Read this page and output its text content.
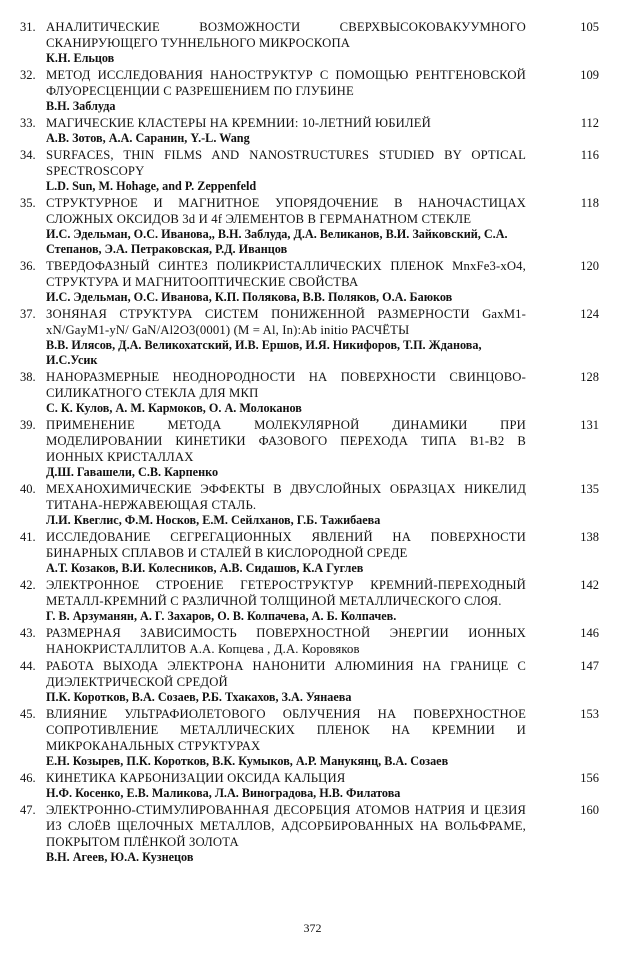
31. АНАЛИТИЧЕСКИЕ ВОЗМОЖНОСТИ СВЕРХВЫСОКОВАКУУМНОГО СКАНИРУЮЩЕГО ТУННЕЛЬНОГО МИКРОСКОПА
К.Н. Ельцов
105
32. МЕТОД ИССЛЕДОВАНИЯ НАНОСТРУКТУР С ПОМОЩЬЮ РЕНТГЕНОВСКОЙ ФЛУОРЕСЦЕНЦИИ С РАЗРЕШЕНИЕМ ПО ГЛУБИНЕ
В.Н. Заблуда
109
33. МАГИЧЕСКИЕ КЛАСТЕРЫ НА КРЕМНИИ: 10-ЛЕТНИЙ ЮБИЛЕЙ
А.В. Зотов, А.А. Саранин, Y.-L. Wang
112
34. SURFACES, THIN FILMS AND NANOSTRUCTURES STUDIED BY OPTICAL SPECTROSCOPY
L.D. Sun, M. Hohage, and P. Zeppenfeld
116
35. СТРУКТУРНОЕ И МАГНИТНОЕ УПОРЯДОЧЕНИЕ В НАНОЧАСТИЦАХ СЛОЖНЫХ ОКСИДОВ 3d И 4f ЭЛЕМЕНТОВ В ГЕРМАНАТНОМ СТЕКЛЕ
И.С. Эдельман, О.С. Иванова,, В.Н. Заблуда, Д.А. Великанов, В.И. Зайковский, С.А. Степанов, Э.А. Петраковская, Р.Д. Иванцов
118
36. ТВЕРДОФАЗНЫЙ СИНТЕЗ ПОЛИКРИСТАЛЛИЧЕСКИХ ПЛЕНОК MnxFe3-xO4, СТРУКТУРА И МАГНИТООПТИЧЕСКИЕ СВОЙСТВА
И.С. Эдельман, О.С. Иванова, К.П. Полякова, В.В. Поляков, О.А. Баюков
120
37. ЗОНЯНАЯ СТРУКТУРА СИСТЕМ ПОНИЖЕННОЙ РАЗМЕРНОСТИ GaxM1-xN/GayM1-yN/ GaN/Al2O3(0001) (M = Al, In):Ab initio РАСЧЁТЫ
В.В. Илясов, Д.А. Великохатский, И.В. Ершов, И.Я. Никифоров, Т.П. Жданова, И.С.Усик
124
38. НАНОРАЗМЕРНЫЕ НЕОДНОРОДНОСТИ НА ПОВЕРХНОСТИ СВИНЦОВО-СИЛИКАТНОГО СТЕКЛА ДЛЯ МКП
С. К. Кулов, А. М. Кармоков, О. А. Молоканов
128
39. ПРИМЕНЕНИЕ МЕТОДА МОЛЕКУЛЯРНОЙ ДИНАМИКИ ПРИ МОДЕЛИРОВАНИИ КИНЕТИКИ ФАЗОВОГО ПЕРЕХОДА ТИПА B1-B2 В ИОННЫХ КРИСТАЛЛАХ
Д.Ш. Гавашели, С.В. Карпенко
131
40. МЕХАНОХИМИЧЕСКИЕ ЭФФЕКТЫ В ДВУСЛОЙНЫХ ОБРАЗЦАХ НИКЕЛИД ТИТАНА-НЕРЖАВЕЮЩАЯ СТАЛЬ.
Л.И. Квеглис, Ф.М. Носков, Е.М. Сейлханов, Г.Б. Тажибаева
135
41. ИССЛЕДОВАНИЕ СЕГРЕГАЦИОННЫХ ЯВЛЕНИЙ НА ПОВЕРХНОСТИ БИНАРНЫХ СПЛАВОВ И СТАЛЕЙ В КИСЛОРОДНОЙ СРЕДЕ
А.Т. Козаков, В.И. Колесников, А.В. Сидашов, К.А Гуглев
138
42. ЭЛЕКТРОННОЕ СТРОЕНИЕ ГЕТЕРОСТРУКТУР КРЕМНИЙ-ПЕРЕХОДНЫЙ МЕТАЛЛ-КРЕМНИЙ С РАЗЛИЧНОЙ ТОЛЩИНОЙ МЕТАЛЛИЧЕСКОГО СЛОЯ.
Г. В. Арзуманян, А. Г. Захаров, О. В. Колпачева, А. Б. Колпачев.
142
43. РАЗМЕРНАЯ ЗАВИСИМОСТЬ ПОВЕРХНОСТНОЙ ЭНЕРГИИ ИОННЫХ НАНОКРИСТАЛЛИТОВ А.А. Копцева , Д.А. Коровяков
146
44. РАБОТА ВЫХОДА ЭЛЕКТРОНА НАНОНИТИ АЛЮМИНИЯ НА ГРАНИЦЕ С ДИЭЛЕКТРИЧЕСКОЙ СРЕДОЙ
П.К. Коротков, В.А. Созаев, Р.Б. Тхакахов, З.А. Уянаева
147
45. ВЛИЯНИЕ УЛЬТРАФИОЛЕТОВОГО ОБЛУЧЕНИЯ НА ПОВЕРХНОСТНОЕ СОПРОТИВЛЕНИЕ МЕТАЛЛИЧЕСКИХ ПЛЕНОК НА КРЕМНИИ И МИКРОКАНАЛЬНЫХ СТРУКТУРАХ
Е.Н. Козырев, П.К. Коротков, В.К. Кумыков, А.Р. Манукянц, В.А. Созаев
153
46. КИНЕТИКА КАРБОНИЗАЦИИ ОКСИДА КАЛЬЦИЯ
Н.Ф. Косенко, Е.В. Маликова, Л.А. Виноградова, Н.В. Филатова
156
47. ЭЛЕКТРОННО-СТИМУЛИРОВАННАЯ ДЕСОРБЦИЯ АТОМОВ НАТРИЯ И ЦЕЗИЯ ИЗ СЛОЁВ ЩЕЛОЧНЫХ МЕТАЛЛОВ, АДСОРБИРОВАННЫХ НА ВОЛЬФРАМЕ, ПОКРЫТОМ ПЛЁНКОЙ ЗОЛОТА
В.Н. Агеев, Ю.А. Кузнецов
160
372
